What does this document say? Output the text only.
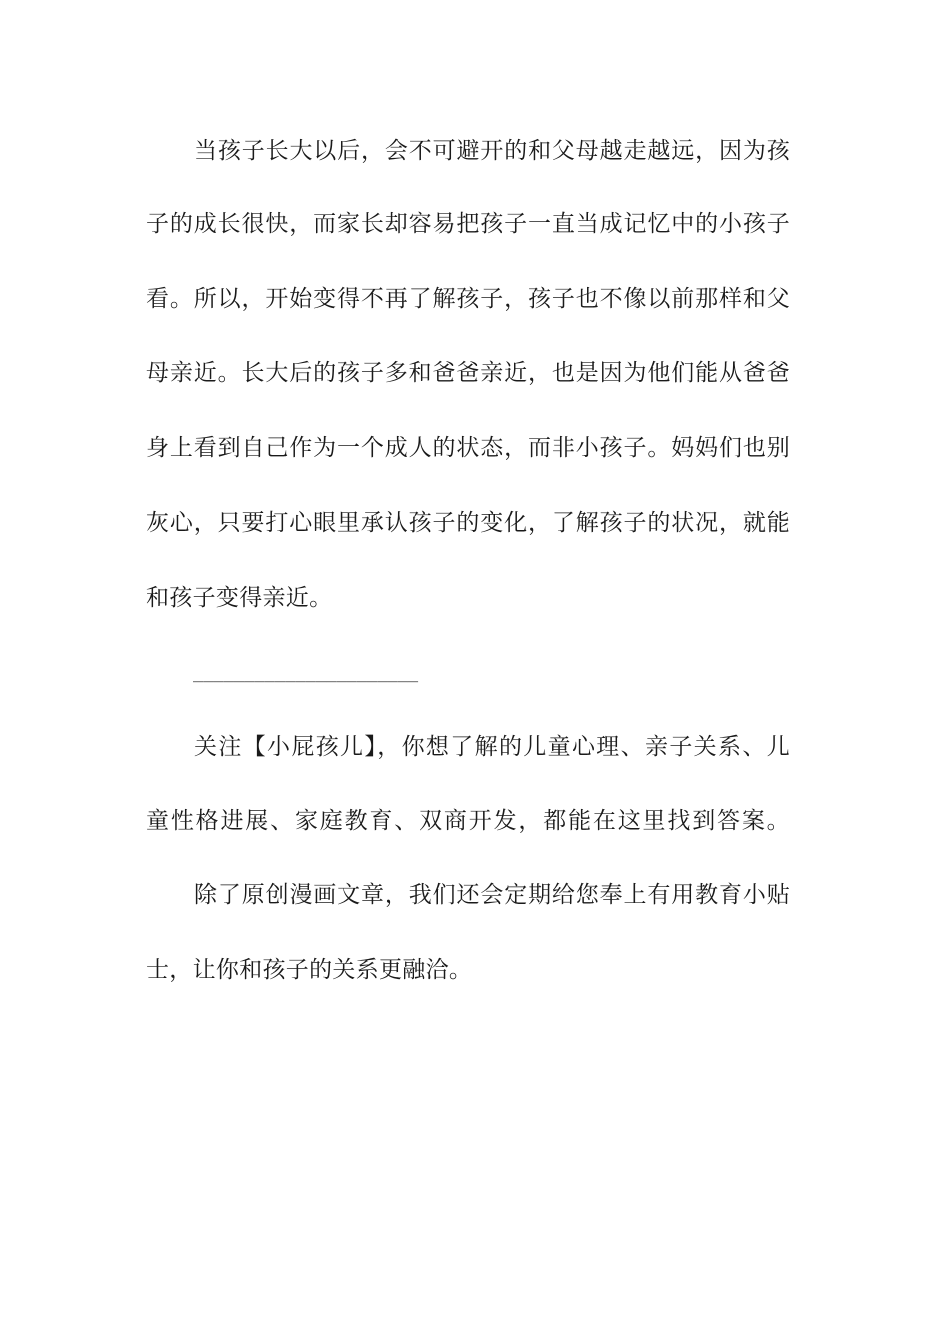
当孩子长大以后，会不可避开的和父母越走越远，因为孩
子的成长很快，而家长却容易把孩子一直当成记忆中的小孩子
看。所以，开始变得不再了解孩子，孩子也不像以前那样和父
母亲近。长大后的孩子多和爸爸亲近，也是因为他们能从爸爸
身上看到自己作为一个成人的状态，而非小孩子。妈妈们也别
灰心，只要打心眼里承认孩子的变化，了解孩子的状况，就能
和孩子变得亲近。
______________________
关注【小屁孩儿】，你想了解的儿童心理、亲子关系、儿
童性格进展、家庭教育、双商开发，都能在这里找到答案。
除了原创漫画文章，我们还会定期给您奉上有用教育小贴
士，让你和孩子的关系更融洽。
